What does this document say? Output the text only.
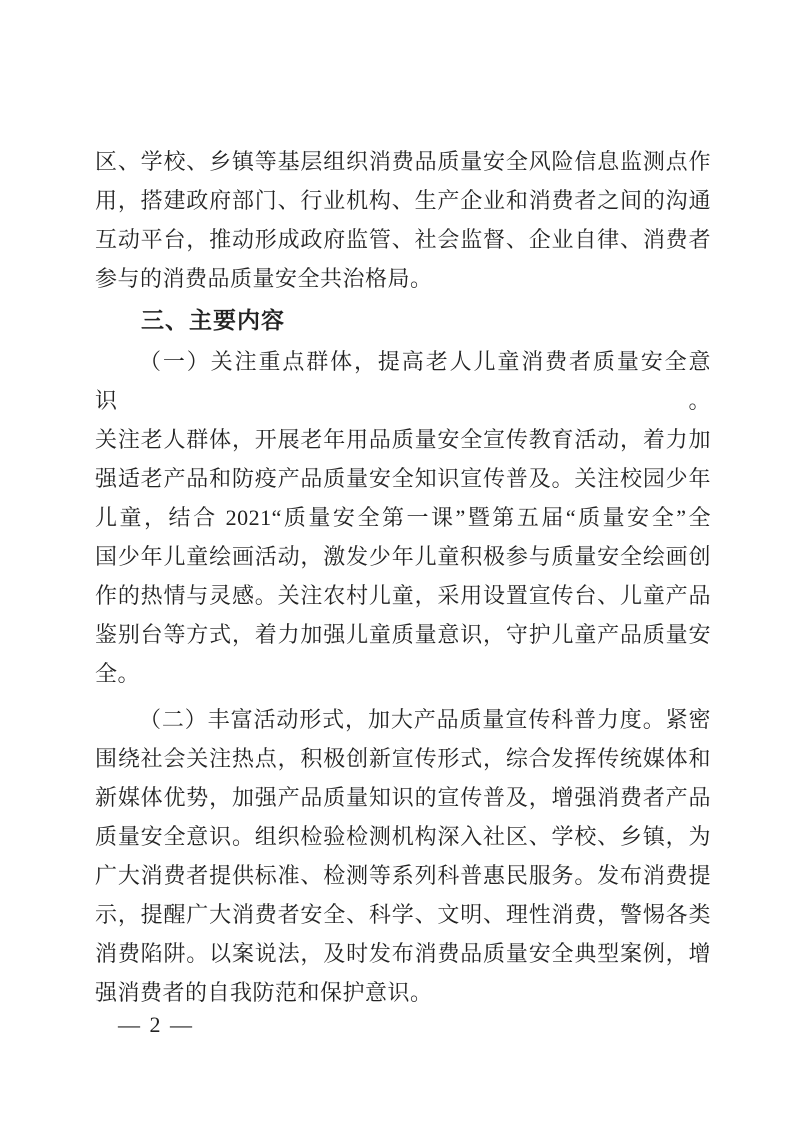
区、学校、乡镇等基层组织消费品质量安全风险信息监测点作
用，搭建政府部门、行业机构、生产企业和消费者之间的沟通
互动平台，推动形成政府监管、社会监督、企业自律、消费者
参与的消费品质量安全共治格局。
三、主要内容
（一）关注重点群体，提高老人儿童消费者质量安全意识。
关注老人群体，开展老年用品质量安全宣传教育活动，着力加
强适老产品和防疫产品质量安全知识宣传普及。关注校园少年
儿童，结合 2021“质量安全第一课”暨第五届“质量安全”全
国少年儿童绘画活动，激发少年儿童积极参与质量安全绘画创
作的热情与灵感。关注农村儿童，采用设置宣传台、儿童产品
鉴别台等方式，着力加强儿童质量意识，守护儿童产品质量安
全。
（二）丰富活动形式，加大产品质量宣传科普力度。紧密
围绕社会关注热点，积极创新宣传形式，综合发挥传统媒体和
新媒体优势，加强产品质量知识的宣传普及，增强消费者产品
质量安全意识。组织检验检测机构深入社区、学校、乡镇，为
广大消费者提供标准、检测等系列科普惠民服务。发布消费提
示，提醒广大消费者安全、科学、文明、理性消费，警惕各类
消费陷阱。以案说法，及时发布消费品质量安全典型案例，增
强消费者的自我防范和保护意识。
— 2 —
